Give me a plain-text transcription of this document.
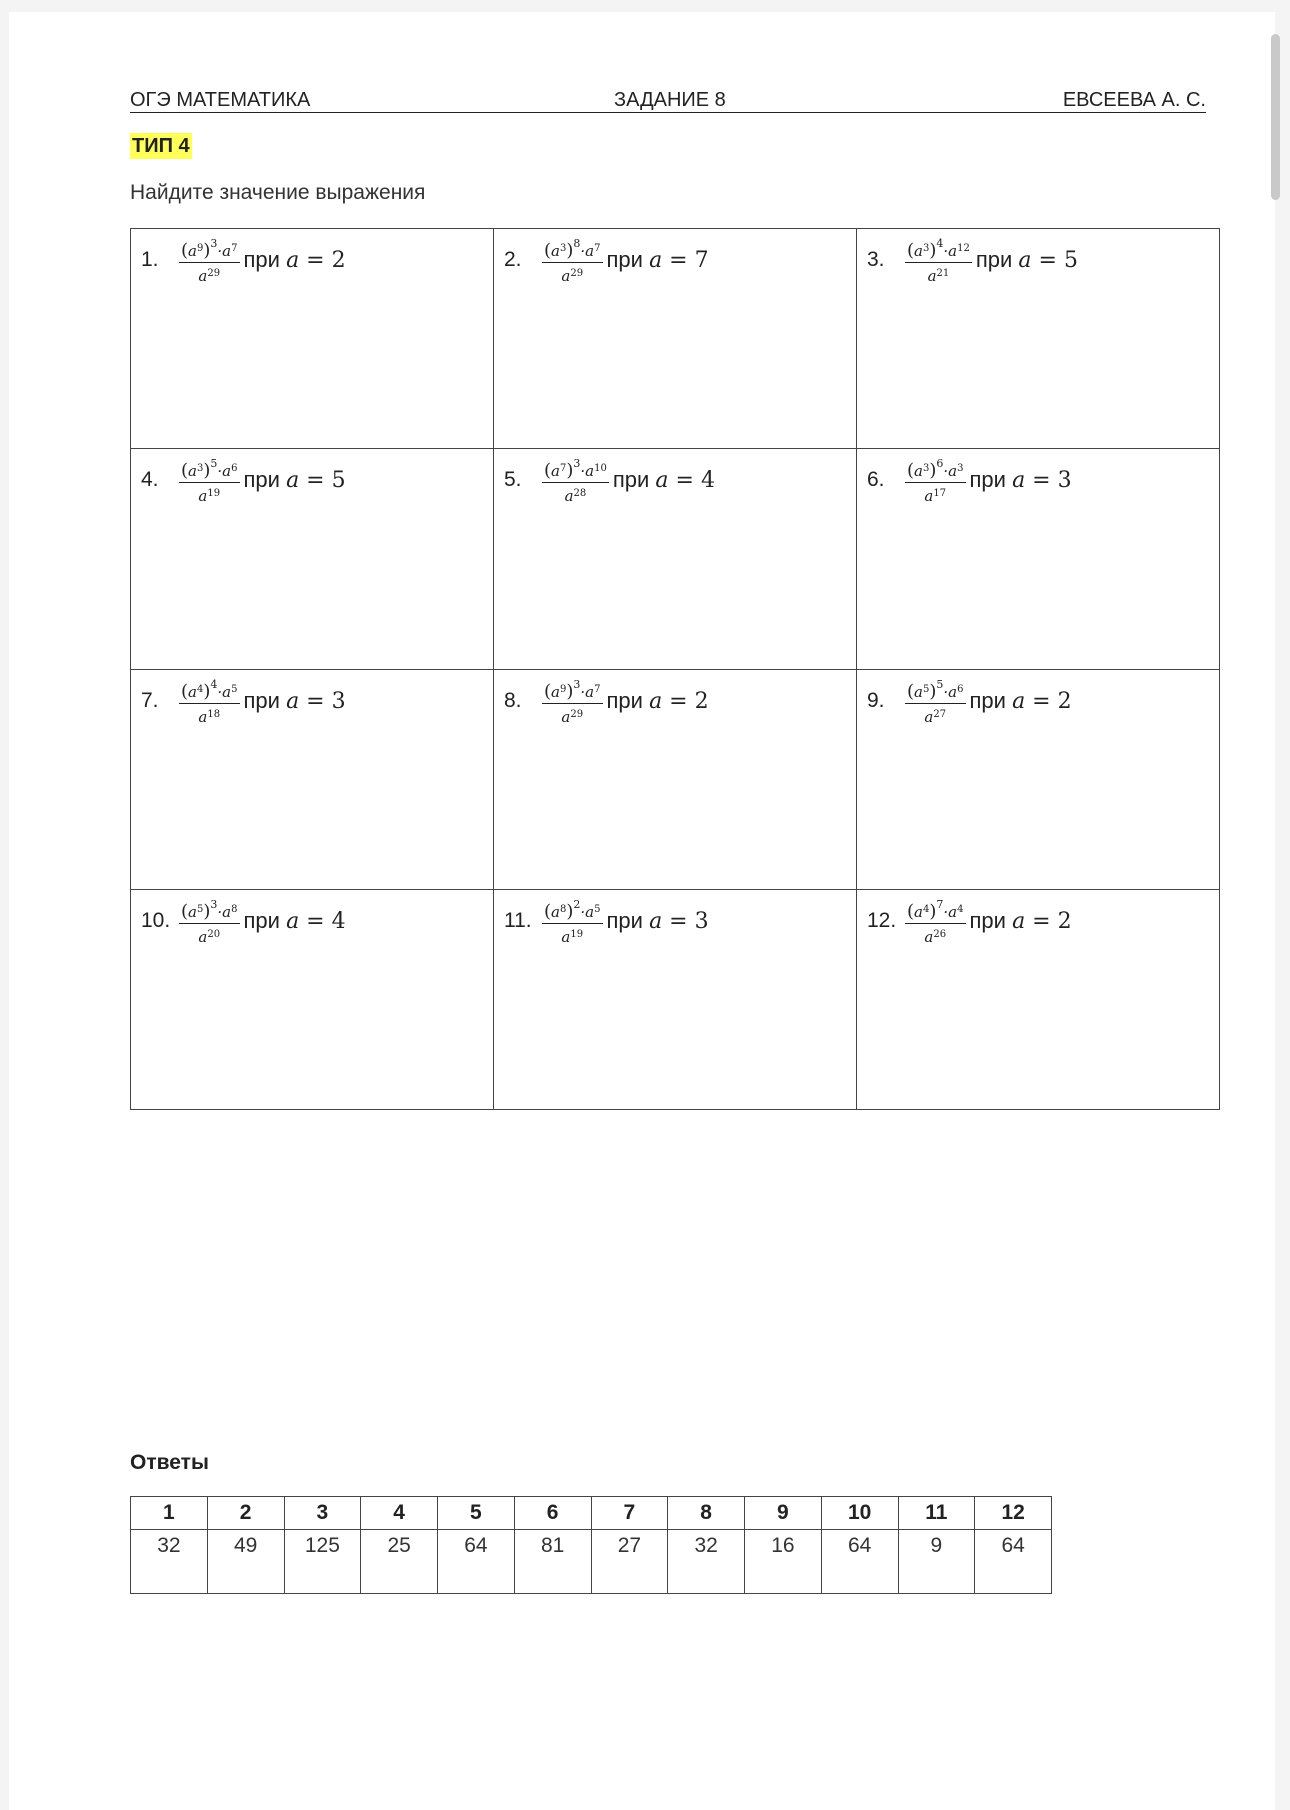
ОГЭ МАТЕМАТИКА	ЗАДАНИЕ 8	ЕВСЕЕВА А. С.
ТИП 4
Найдите значение выражения
1. $\frac{(a^9)^3\cdot a^7}{a^{29}}$ при a = 2	2. $\frac{(a^3)^8\cdot a^7}{a^{29}}$ при a = 7	3. $\frac{(a^3)^4\cdot a^{12}}{a^{21}}$ при a = 5

4. $\frac{(a^3)^5\cdot a^6}{a^{19}}$ при a = 5	5. $\frac{(a^7)^3\cdot a^{10}}{a^{28}}$ при a = 4	6. $\frac{(a^3)^6\cdot a^3}{a^{17}}$ при a = 3

7. $\frac{(a^4)^4\cdot a^5}{a^{18}}$ при a = 3	8. $\frac{(a^9)^3\cdot a^7}{a^{29}}$ при a = 2	9. $\frac{(a^5)^5\cdot a^6}{a^{27}}$ при a = 2

10. $\frac{(a^5)^3\cdot a^8}{a^{20}}$ при a = 4	11. $\frac{(a^8)^2\cdot a^5}{a^{19}}$ при a = 3	12. $\frac{(a^4)^7\cdot a^4}{a^{26}}$ при a = 2
Ответы
1	2	3	4	5	6	7	8	9	10	11	12
32	49	125	25	64	81	27	32	16	64	9	64
